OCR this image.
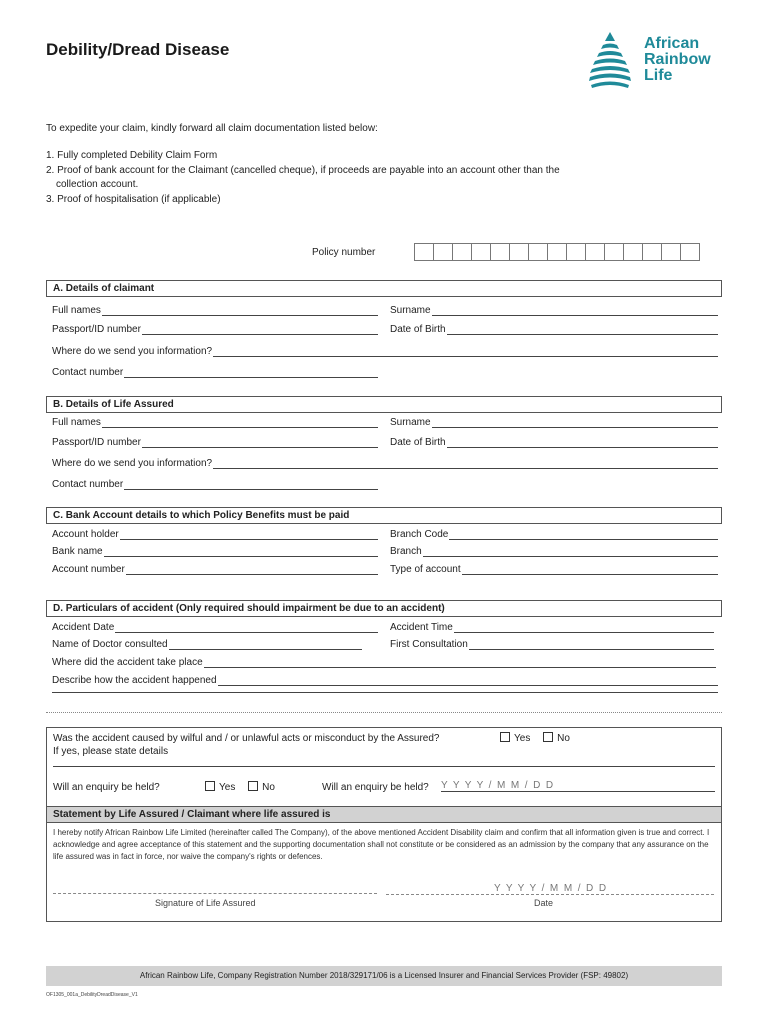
Debility/Dread Disease	African
Rainbow
Life
To expedite your claim, kindly forward all claim documentation listed below:
1. Fully completed Debility Claim Form
2. Proof of bank account for the Claimant (cancelled cheque), if proceeds are payable into an account other than the
collection account.
3. Proof of hospitalisation (if applicable)
Policy number
A. Details of claimant
Full names	Surname
Passport/ID number	Date of Birth
Where do we send you information?
Contact number
B. Details of Life Assured
Full names	Surname
Passport/ID number	Date of Birth
Where do we send you information?
Contact number
C. Bank Account details to which Policy Benefits must be paid
Account holder	Branch Code
Bank name	Branch
Account number	Type of account
D. Particulars of accident (Only required should impairment be due to an accident)
Accident Date	Accident Time
Name of Doctor consulted	First Consultation
Where did the accident take place
Describe how the accident happened
Was the accident caused by wilful and / or unlawful acts or misconduct by the Assured?	Yes	No
If yes, please state details
Will an enquiry be held?	Yes	No	Will an enquiry be held? Y  Y  Y  Y  /  M  M  /  D  D
Statement by Life Assured / Claimant where life assured is
I hereby notify African Rainbow Life Limited (hereinafter called The Company), of the above mentioned Accident Disability claim and confirm that all information given is true and correct. I acknowledge and agree acceptance of this statement and the supporting documentation shall not constitute or be considered as an admission by the company that any assurance on the life assured was in fact in force, nor waive the company's rights or defences.
Signature of Life Assured
Y  Y  Y  Y  /  M  M  /  D  D
Date
African Rainbow Life, Company Registration Number 2018/329171/06 is a Licensed Insurer and Financial Services Provider (FSP: 49802)
OF1305_001a_DebilityDreadDisease_V1
